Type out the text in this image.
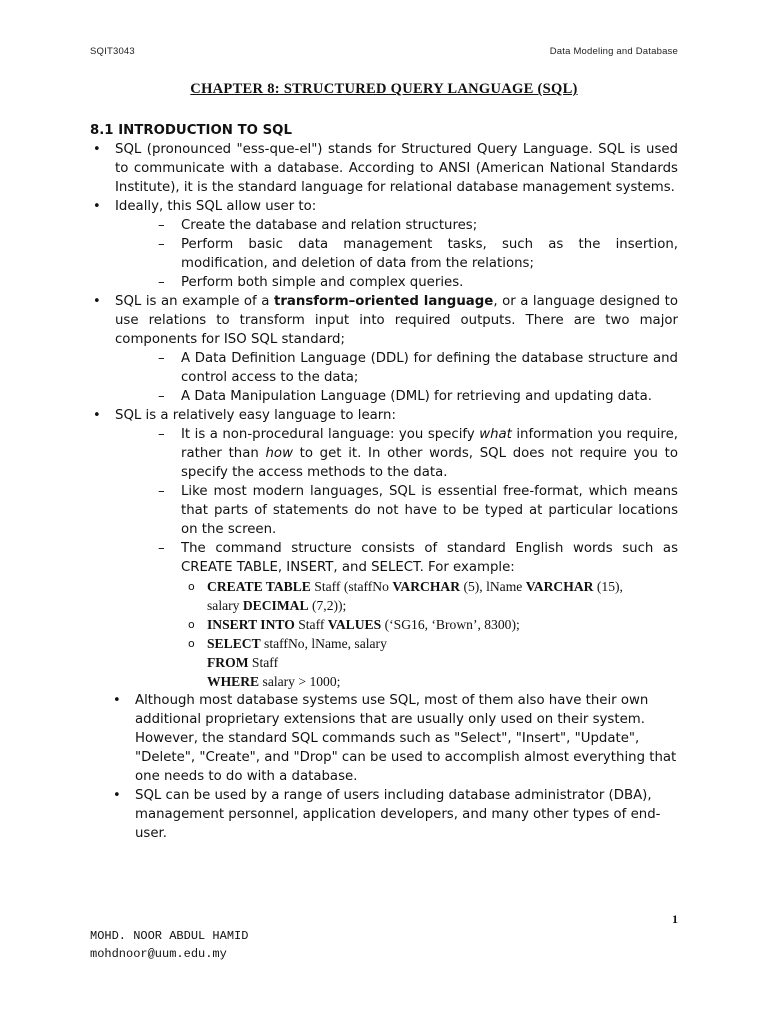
SQIT3043	Data Modeling and Database
CHAPTER 8: STRUCTURED QUERY LANGUAGE (SQL)

8.1 INTRODUCTION TO SQL

• SQL (pronounced "ess-que-el") stands for Structured Query Language. SQL is used to communicate with a database. According to ANSI (American National Standards Institute), it is the standard language for relational database management systems.

• Ideally, this SQL allow user to:

– Create the database and relation structures;

– Perform basic data management tasks, such as the insertion, modification, and deletion of data from the relations;

– Perform both simple and complex queries.

• SQL is an example of a transform–oriented language, or a language designed to use relations to transform input into required outputs. There are two major components for ISO SQL standard;

– A Data Definition Language (DDL) for defining the database structure and control access to the data;

– A Data Manipulation Language (DML) for retrieving and updating data.

• SQL is a relatively easy language to learn:

– It is a non-procedural language: you specify what information you require, rather than how to get it. In other words, SQL does not require you to specify the access methods to the data.

– Like most modern languages, SQL is essential free-format, which means that parts of statements do not have to be typed at particular locations on the screen.

– The command structure consists of standard English words such as CREATE TABLE, INSERT, and SELECT. For example:

o CREATE TABLE Staff (staffNo VARCHAR (5), lName VARCHAR (15),

salary DECIMAL (7,2));

o INSERT INTO Staff VALUES (‘SG16, ‘Brown’, 8300);

o SELECT staffNo, lName, salary

FROM Staff

WHERE salary > 1000;

• Although most database systems use SQL, most of them also have their own additional proprietary extensions that are usually only used on their system. However, the standard SQL commands such as "Select", "Insert", "Update", "Delete", "Create", and "Drop" can be used to accomplish almost everything that one needs to do with a database.

• SQL can be used by a range of users including database administrator (DBA), management personnel, application developers, and many other types of end-user.

1
MOHD. NOOR ABDUL HAMID
mohdnoor@uum.edu.my
